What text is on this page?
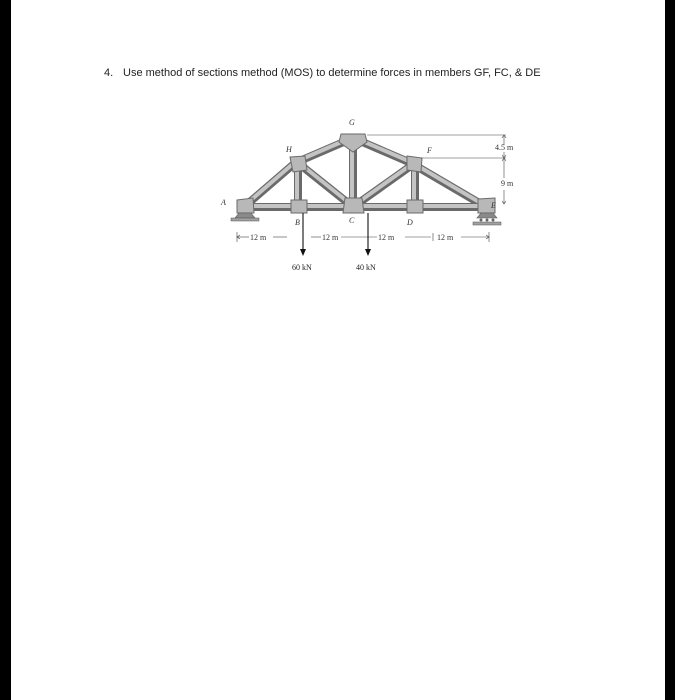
4. Use method of sections method (MOS) to determine forces in members GF, FC, & DE
A
B	C	D
E
F
G
H	4.5 m
9 m
12 m	12 m	12 m	12 m
60 kN	40 kN
